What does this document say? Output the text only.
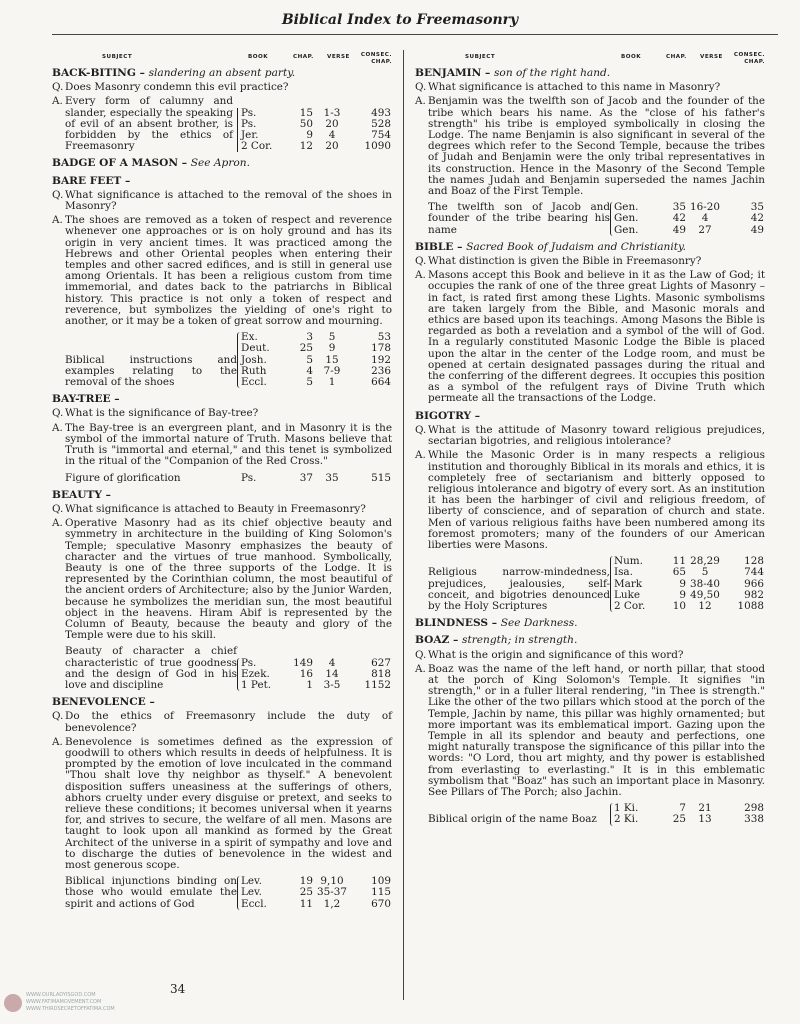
Biblical Index to Freemasonry
SUBJECT	BOOK	CHAP.	VERSE	CONSEC.
CHAP.
BACK-BITING – slandering an absent party.
Q. Does Masonry condemn this evil practice?
A. Every form of calumny and slander, especially the speaking of evil of an absent brother, is forbidden by the ethics of Freemasonry
Ps.	15	1-3	493
Ps.	50	20	528
Jer.	9	4	754
2 Cor.	12	20	1090
BADGE OF A MASON – See Apron.
BARE FEET –
Q. What significance is attached to the removal of the shoes in Masonry?
A. The shoes are removed as a token of respect and reverence whenever one approaches or is on holy ground and has its origin in very ancient times. It was practiced among the Hebrews and other Oriental peoples when entering their temples and other sacred edifices, and is still in general use among Orientals. It has been a religious custom from time immemorial, and dates back to the patriarchs in Biblical history. This practice is not only a token of respect and reverence, but symbolizes the yielding of one's right to another, or it may be a token of great sorrow and mourning.
Biblical instructions and examples relating to the removal of the shoes
Ex.	3	5	53
Deut.	25	9	178
Josh.	5	15	192
Ruth	4	7-9	236
Eccl.	5	1	664
BAY-TREE –
Q. What is the significance of Bay-tree?
A. The Bay-tree is an evergreen plant, and in Masonry it is the symbol of the immortal nature of Truth. Masons believe that Truth is "immortal and eternal," and this tenet is symbolized in the ritual of the "Companion of the Red Cross."
Figure of glorification	Ps.	37	35	515
BEAUTY –
Q. What significance is attached to Beauty in Freemasonry?
A. Operative Masonry had as its chief objective beauty and symmetry in architecture in the building of King Solomon's Temple; speculative Masonry emphasizes the beauty of character and the virtues of true manhood. Symbolically, Beauty is one of the three supports of the Lodge. It is represented by the Corinthian column, the most beautiful of the ancient orders of Architecture; also by the Junior Warden, because he symbolizes the meridian sun, the most beautiful object in the heavens. Hiram Abif is represented by the Column of Beauty, because the beauty and glory of the Temple were due to his skill.
Beauty of character a chief characteristic of true goodness and the design of God in his love and discipline
Ps.	149	4	627
Ezek.	16	14	818
1 Pet.	1	3-5	1152
BENEVOLENCE –
Q. Do the ethics of Freemasonry include the duty of benevolence?
A. Benevolence is sometimes defined as the expression of goodwill to others which results in deeds of helpfulness. It is prompted by the emotion of love inculcated in the command "Thou shalt love thy neighbor as thyself." A benevolent disposition suffers uneasiness at the sufferings of others, abhors cruelty under every disguise or pretext, and seeks to relieve these conditions; it becomes universal when it yearns for, and strives to secure, the welfare of all men. Masons are taught to look upon all mankind as formed by the Great Architect of the universe in a spirit of sympathy and love and to discharge the duties of benevolence in the widest and most generous scope.
Biblical injunctions binding on those who would emulate the spirit and actions of God
Lev.	19 9,10	109
Lev.	25 35-37	115
Eccl.	11	1,2	670
SUBJECT	BOOK	CHAP.	VERSE	CONSEC.
CHAP.
BENJAMIN – son of the right hand.
Q. What significance is attached to this name in Masonry?
A. Benjamin was the twelfth son of Jacob and the founder of the tribe which bears his name. As the "close of his father's strength" his tribe is employed symbolically in closing the Lodge. The name Benjamin is also significant in several of the degrees which refer to the Second Temple, because the tribes of Judah and Benjamin were the only tribal representatives in its construction. Hence in the Masonry of the Second Temple the names Judah and Benjamin superseded the names Jachin and Boaz of the First Temple.
The twelfth son of Jacob and founder of the tribe bearing his name
Gen.	35 16-20	35
Gen.	42	4	42
Gen.	49	27	49
BIBLE – Sacred Book of Judaism and Christianity.
Q. What distinction is given the Bible in Freemasonry?
A. Masons accept this Book and believe in it as the Law of God; it occupies the rank of one of the three great Lights of Masonry – in fact, is rated first among these Lights. Masonic symbolisms are taken largely from the Bible, and Masonic morals and ethics are based upon its teachings. Among Masons the Bible is regarded as both a revelation and a symbol of the will of God. In a regularly constituted Masonic Lodge the Bible is placed upon the altar in the center of the Lodge room, and must be opened at certain designated passages during the ritual and the conferring of the different degrees. It occupies this position as a symbol of the refulgent rays of Divine Truth which permeate all the transactions of the Lodge.
BIGOTRY –
Q. What is the attitude of Masonry toward religious prejudices, sectarian bigotries, and religious intolerance?
A. While the Masonic Order is in many respects a religious institution and thoroughly Biblical in its morals and ethics, it is completely free of sectarianism and bitterly opposed to religious intolerance and bigotry of every sort. As an institution it has been the harbinger of civil and religious freedom, of liberty of conscience, and of separation of church and state. Men of various religious faiths have been numbered among its foremost promoters; many of the founders of our American liberties were Masons.
Religious narrow-mindedness, prejudices, jealousies, self-conceit, and bigotries denounced by the Holy Scriptures
Num.	11 28,29	128
Isa.	65	5	744
Mark	9 38-40	966
Luke	9 49,50	982
2 Cor.	10	12	1088
BLINDNESS – See Darkness.
BOAZ – strength; in strength.
Q. What is the origin and significance of this word?
A. Boaz was the name of the left hand, or north pillar, that stood at the porch of King Solomon's Temple. It signifies "in strength," or in a fuller literal rendering, "in Thee is strength." Like the other of the two pillars which stood at the porch of the Temple, Jachin by name, this pillar was highly ornamented; but more important was its emblematical import. Gazing upon the Temple in all its splendor and beauty and perfections, one might naturally transpose the significance of this pillar into the words: "O Lord, thou art mighty, and thy power is established from everlasting to everlasting." It is in this emblematic symbolism that "Boaz" has such an important place in Masonry. See Pillars of The Porch; also Jachin.
Biblical origin of the name Boaz
1 Ki.	7	21	298
2 Ki.	25	13	338
34
WWW.OURLADYISGOD.COM
WWW.FATIMAMOVEMENT.COM
WWW.THIRDSECRETOFFATIMA.COM
